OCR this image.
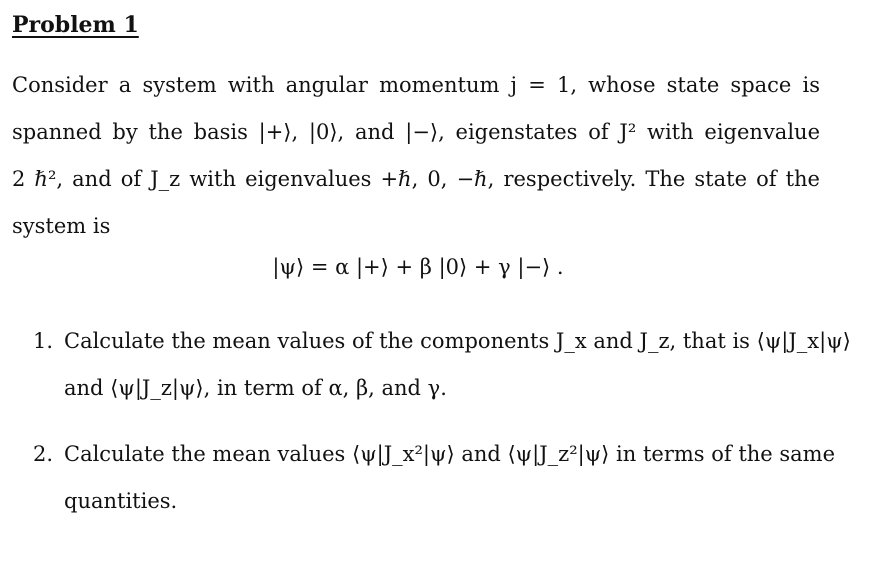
Problem 1
Consider a system with angular momentum j = 1, whose state space is
spanned by the basis |+⟩, |0⟩, and |−⟩, eigenstates of J² with eigenvalue
2 ℏ², and of J_z with eigenvalues +ℏ, 0, −ℏ, respectively. The state of the
system is
|ψ⟩ = α |+⟩ + β |0⟩ + γ |−⟩ .
1. Calculate the mean values of the components J_x and J_z, that is ⟨ψ|J_x|ψ⟩
and ⟨ψ|J_z|ψ⟩, in term of α, β, and γ.
2. Calculate the mean values ⟨ψ|J_x²|ψ⟩ and ⟨ψ|J_z²|ψ⟩ in terms of the same
quantities.
